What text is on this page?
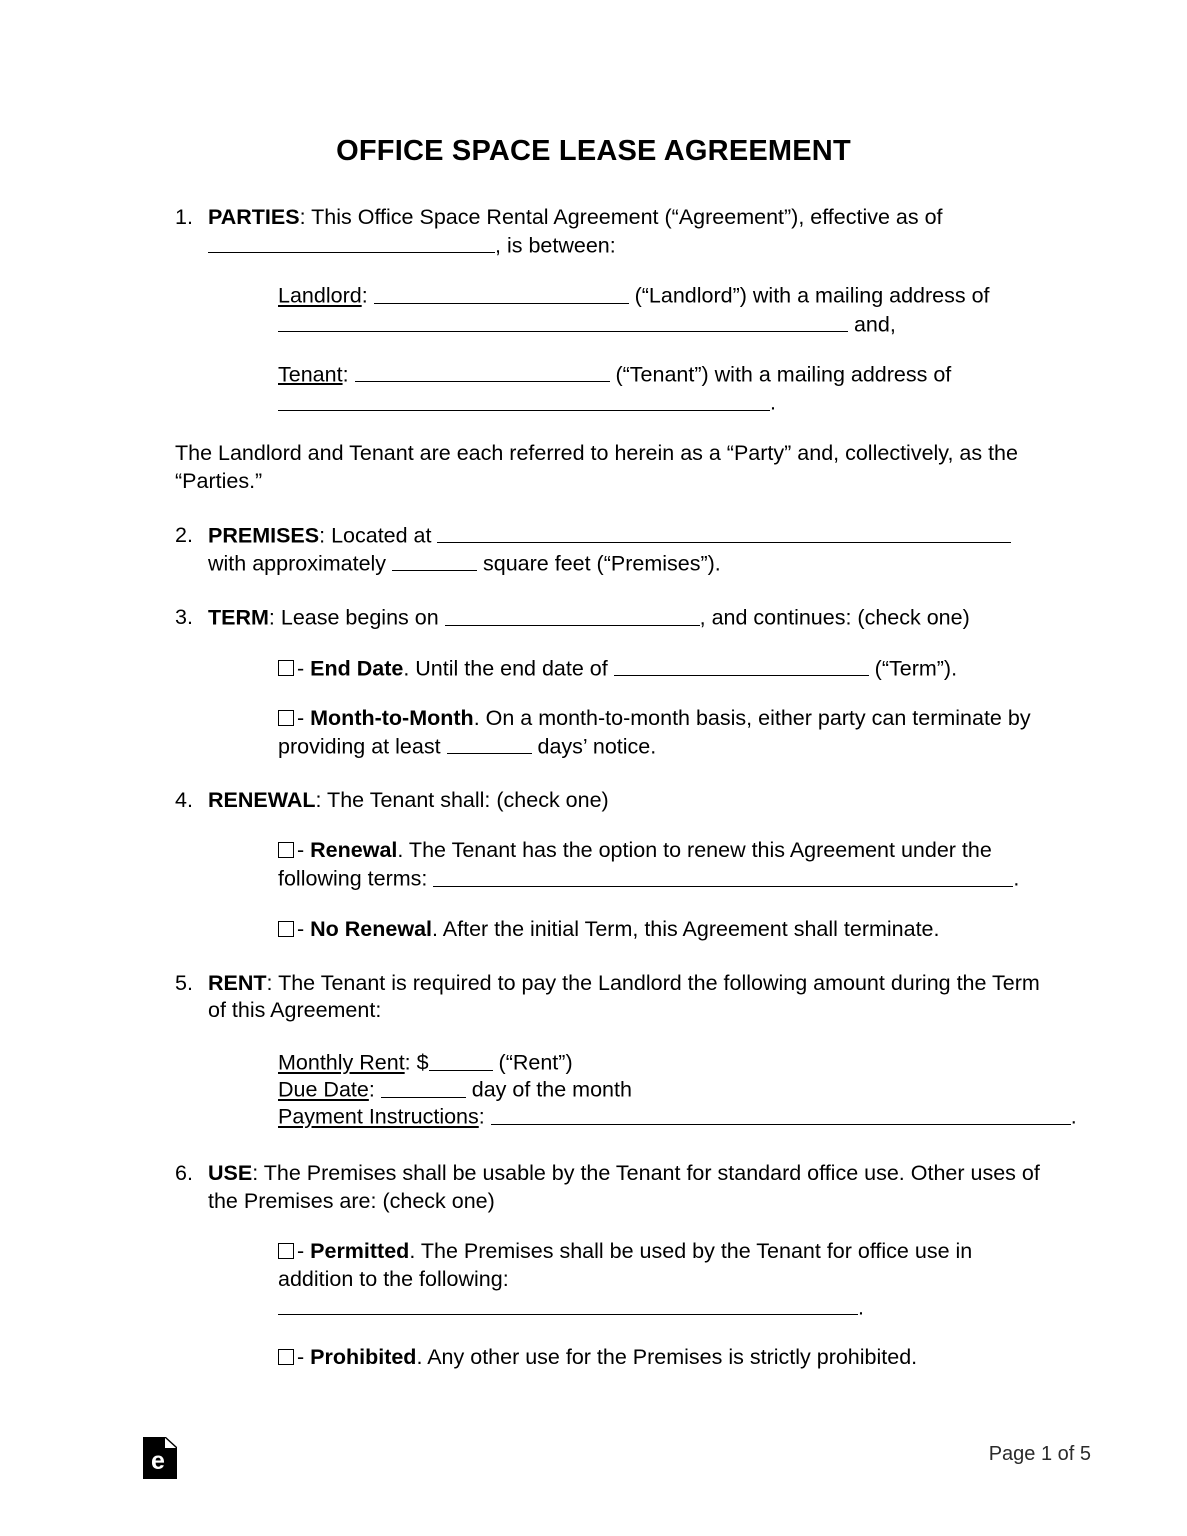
OFFICE SPACE LEASE AGREEMENT
1. PARTIES: This Office Space Rental Agreement (“Agreement”), effective as of , is between:
Landlord:	(“Landlord”) with a mailing address of  and,
Tenant:	(“Tenant”) with a mailing address of .
The Landlord and Tenant are each referred to herein as a “Party” and, collectively, as the “Parties.”
2. PREMISES: Located at  with approximately	square feet (“Premises”).
3. TERM: Lease begins on	, and continues: (check one)
- End Date. Until the end date of	(“Term”).
- Month-to-Month. On a month-to-month basis, either party can terminate by providing at least	days’ notice.
4. RENEWAL: The Tenant shall: (check one)
- Renewal. The Tenant has the option to renew this Agreement under the following terms:	.
- No Renewal. After the initial Term, this Agreement shall terminate.
5. RENT: The Tenant is required to pay the Landlord the following amount during the Term of this Agreement:
Monthly Rent: $	(“Rent”)
Due Date:	day of the month
Payment Instructions:	.
6. USE: The Premises shall be usable by the Tenant for standard office use. Other uses of the Premises are: (check one)
- Permitted. The Premises shall be used by the Tenant for office use in addition to the following: .
- Prohibited. Any other use for the Premises is strictly prohibited.
e	Page 1 of 5
